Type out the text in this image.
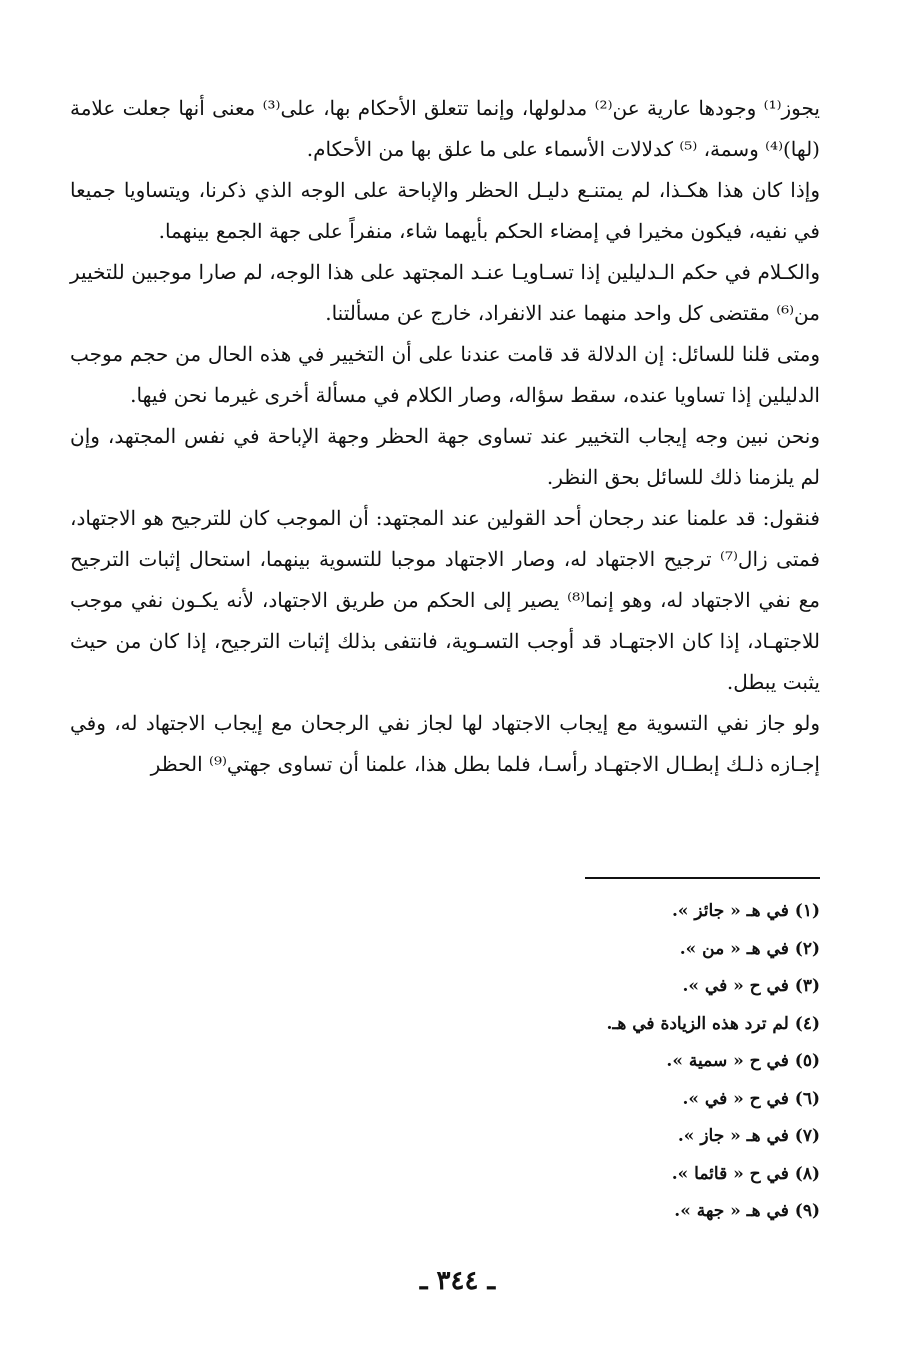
يجوز⁽¹⁾ وجودها عارية عن⁽²⁾ مدلولها، وإنما تتعلق الأحكام بها، على⁽³⁾ معنى أنها جعلت علامة (لها)⁽⁴⁾ وسمة، ⁽⁵⁾ كدلالات الأسماء على ما علق بها من الأحكام.

وإذا كان هذا هكـذا، لم يمتنـع دليـل الحظر والإباحة على الوجه الذي ذكرنا، ويتساويا جميعا في نفيه، فيكون مخيرا في إمضاء الحكم بأيهما شاء، منفراً على جهة الجمع بينهما.

والكـلام في حكم الـدليلين إذا تسـاويـا عنـد المجتهد على هذا الوجه، لم صارا موجبين للتخيير من⁽⁶⁾ مقتضى كل واحد منهما عند الانفراد، خارج عن مسألتنا.

ومتى قلنا للسائل: إن الدلالة قد قامت عندنا على أن التخيير في هذه الحال من حجم موجب الدليلين إذا تساويا عنده، سقط سؤاله، وصار الكلام في مسألة أخرى غيرما نحن فيها.

ونحن نبين وجه إيجاب التخيير عند تساوى جهة الحظر وجهة الإباحة في نفس المجتهد، وإن لم يلزمنا ذلك للسائل بحق النظر.

فنقول: قد علمنا عند رجحان أحد القولين عند المجتهد: أن الموجب كان للترجيح هو الاجتهاد، فمتى زال⁽⁷⁾ ترجيح الاجتهاد له، وصار الاجتهاد موجبا للتسوية بينهما، استحال إثبات الترجيح مع نفي الاجتهاد له، وهو إنما⁽⁸⁾ يصير إلى الحكم من طريق الاجتهاد، لأنه يكـون نفي موجب للاجتهـاد، إذا كان الاجتهـاد قد أوجب التسـوية، فانتفى بذلك إثبات الترجيح، إذا كان من حيث يثبت يبطل.

ولو جاز نفي التسوية مع إيجاب الاجتهاد لها لجاز نفي الرجحان مع إيجاب الاجتهاد له، وفي إجـازه ذلـك إبطـال الاجتهـاد رأسـا، فلما بطل هذا، علمنا أن تساوى جهتي⁽⁹⁾ الحظر

(١) في هـ « جائز ».
(٢) في هـ « من ».
(٣) في ح « في ».
(٤) لم ترد هذه الزيادة في هـ.
(٥) في ح « سمية ».
(٦) في ح « في ».
(٧) في هـ « جاز ».
(٨) في ح « قائما ».
(٩) في هـ « جهة ».
ـ ٣٤٤ ـ
